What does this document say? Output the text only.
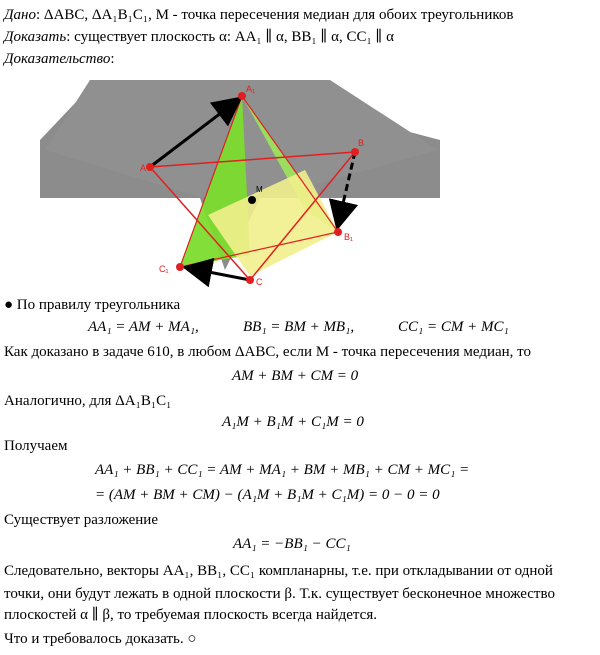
Дано: ΔABC, ΔA₁B₁C₁, M - точка пересечения медиан для обоих треугольников
Доказать: существует плоскость α: AA₁ ∥ α, BB₁ ∥ α, CC₁ ∥ α
Доказательство:
A
A₁
B
B₁
C
C₁
M
● По правилу треугольника
AA₁ = AM + MA₁,	BB₁ = BM + MB₁,	CC₁ = CM + MC₁
Как доказано в задаче 610, в любом ΔABC, если M - точка пересечения медиан, то
AM + BM + CM = 0
Аналогично, для ΔA₁B₁C₁
A₁M + B₁M + C₁M = 0
Получаем
AA₁ + BB₁ + CC₁ = AM + MA₁ + BM + MB₁ + CM + MC₁ =
= (AM + BM + CM) − (A₁M + B₁M + C₁M) = 0 − 0 = 0
Существует разложение
AA₁ = −BB₁ − CC₁
Следовательно, векторы AA₁, BB₁, CC₁ компланарны, т.е. при откладывании от одной
точки, они будут лежать в одной плоскости β. Т.к. существует бесконечное множество
плоскостей α ∥ β, то требуемая плоскость всегда найдется.
Что и требовалось доказать. ○
